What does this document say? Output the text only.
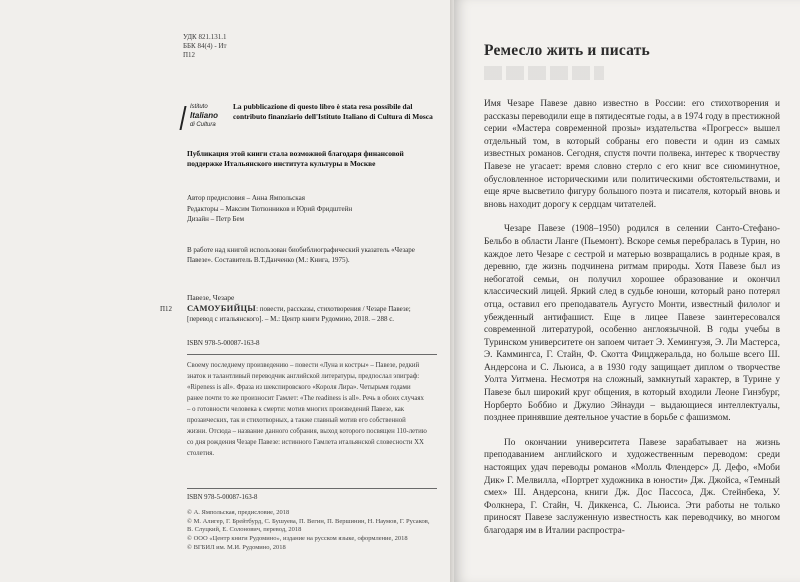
УДК 821.131.1
ББК 84(4) - Ит
П12
Istituto
Italiano
di Cultura
La pubblicazione di questo libro è stata resa possibile dal contributo finanziario dell'Istituto Italiano di Cultura di Mosca
Публикация этой книги стала возможной благодаря финансовой поддержке Итальянского института культуры в Москве
Автор предисловия – Анна Ямпольская
Редакторы – Максим Тютюнников и Юрий Фридштейн
Дизайн – Петр Бем
В работе над книгой использован биобиблиографический указатель «Чезаре Павезе». Составитель В.Т.Данченко (М.: Книга, 1975).
Павезе, Чезаре
П12 САМОУБИЙЦЫ: повести, рассказы, стихотворения / Чезаре Павезе; [перевод с итальянского]. – М.: Центр книги Рудомино, 2018. – 288 с.
ISBN 978-5-00087-163-8
Своему последнему произведению – повести «Луна и костры» – Павезе, редкий знаток и талантливый переводчик английской литературы, предпослал эпиграф: «Ripeness is all». Фраза из шекспировского «Короля Лира». Четырьмя годами ранее почти то же произносит Гамлет: «The readiness is all». Речь в обоих случаях – о готовности человека к смерти: мотив многих произведений Павезе, как прозаических, так и стихотворных, а также главный мотив его собственной жизни. Отсюда – название данного собрания, выход которого посвящен 110-летию со дня рождения Чезаре Павезе: истинного Гамлета итальянской словесности XX столетия.
ISBN 978-5-00087-163-8
© А. Ямпольская, предисловие, 2018
© М. Алигер, Г. Брейтбурд, С. Бушуева, П. Вегин, П. Вершинин, Н. Наумов, Г. Русаков, В. Слуцкий, Е. Солонович, перевод, 2018
© ООО «Центр книги Рудомино», издание на русском языке, оформление, 2018
© ВГБИЛ им. М.И. Рудомино, 2018
Ремесло жить и писать

Имя Чезаре Павезе давно известно в России: его стихотворения и рассказы переводили еще в пятидесятые годы, а в 1974 году в престижной серии «Мастера современной прозы» издательства «Прогресс» вышел отдельный том, в который собраны его повести и один из самых известных романов. Сегодня, спустя почти полвека, интерес к творчеству Павезе не угасает: время словно стерло с его книг все сиюминутное, обусловленное историческими или политическими обстоятельствами, и еще ярче высветило фигуру большого поэта и писателя, который вновь и вновь находит дорогу к сердцам читателей.

Чезаре Павезе (1908–1950) родился в селении Санто-Стефано-Бельбо в области Ланге (Пьемонт). Вскоре семья перебралась в Турин, но каждое лето Чезаре с сестрой и матерью возвращались в родные края, в деревню, где жизнь подчинена ритмам природы. Хотя Павезе был из небогатой семьи, он получил хорошее образование и окончил классический лицей. Яркий след в судьбе юноши, который рано потерял отца, оставил его преподаватель Аугусто Монти, известный филолог и убежденный антифашист. Еще в лицее Павезе заинтересовался современной литературой, особенно англоязычной. В годы учебы в Туринском университете он запоем читает Э. Хемингуэя, Э. Ли Мастерса, Э. Каммингса, Г. Стайн, Ф. Скотта Фицджеральда, но больше всего Ш. Андерсона и С. Льюиса, а в 1930 году защищает диплом о творчестве Уолта Уитмена. Несмотря на сложный, замкнутый характер, в Турине у Павезе был широкий круг общения, в который входили Леоне Гинзбург, Норберто Боббио и Джулио Эйнауди – выдающиеся интеллектуалы, позднее принявшие деятельное участие в борьбе с фашизмом.

По окончании университета Павезе зарабатывает на жизнь преподаванием английского и художественным переводом: среди настоящих удач переводы романов «Молль Флендерс» Д. Дефо, «Моби Дик» Г. Мелвилла, «Портрет художника в юности» Дж. Джойса, «Темный смех» Ш. Андерсона, книги Дж. Дос Пассоса, Дж. Стейнбека, У. Фолкнера, Г. Стайн, Ч. Диккенса, С. Льюиса. Эти работы не только приносят Павезе заслуженную известность как переводчику, во многом благодаря им в Италии распростра-
